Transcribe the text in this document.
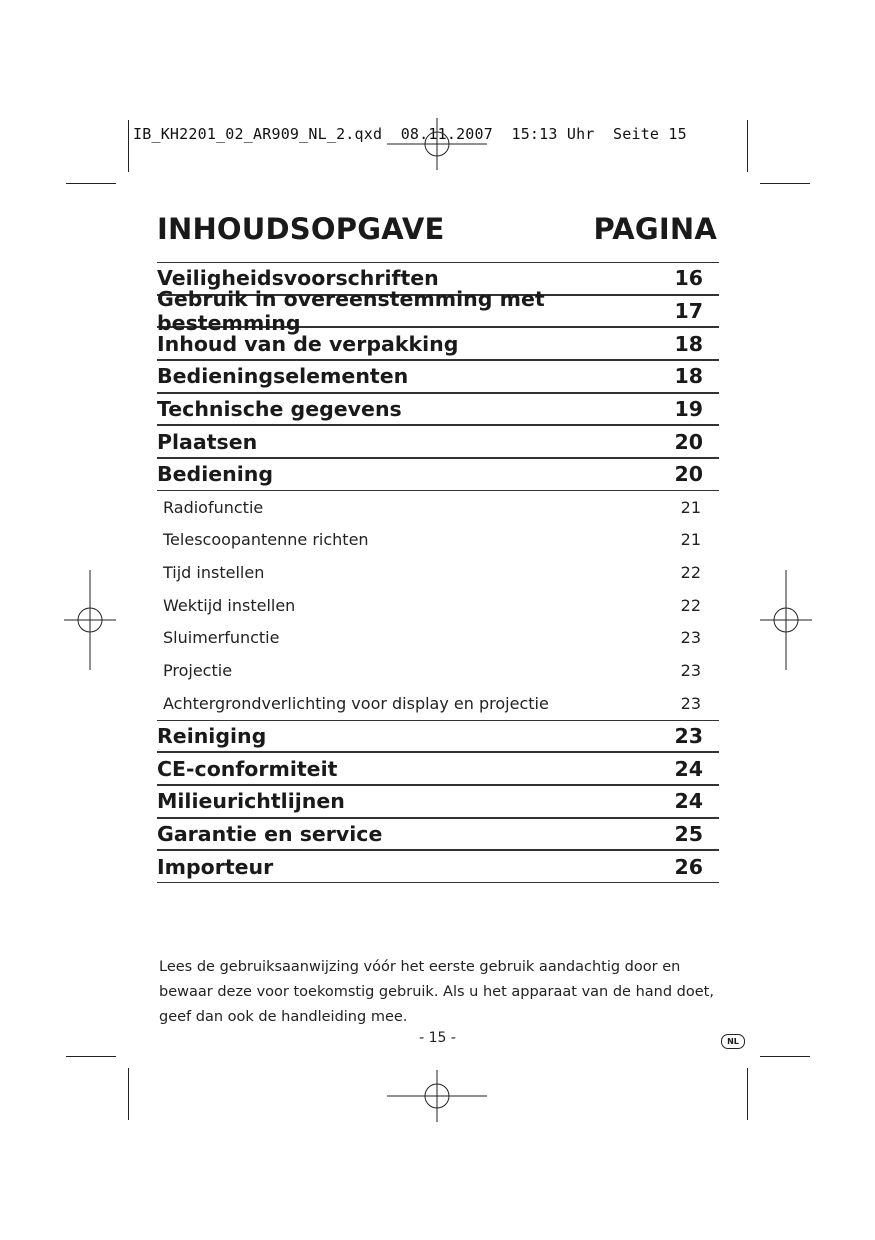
IB_KH2201_02_AR909_NL_2.qxd  08.11.2007  15:13 Uhr  Seite 15
INHOUDSOPGAVE	PAGINA
Veiligheidsvoorschriften	16
Gebruik in overeenstemming met bestemming	17
Inhoud van de verpakking	18
Bedieningselementen	18
Technische gegevens	19
Plaatsen	20
Bediening	20
Radiofunctie	21
Telescoopantenne richten	21
Tijd instellen	22
Wektijd instellen	22
Sluimerfunctie	23
Projectie	23
Achtergrondverlichting voor display en projectie	23
Reiniging	23
CE-conformiteit	24
Milieurichtlijnen	24
Garantie en service	25
Importeur	26
Lees de gebruiksaanwijzing vóór het eerste gebruik aandachtig door en bewaar deze voor toekomstig gebruik. Als u het apparaat van de hand doet, geef dan ook de handleiding mee.
- 15 -	NL
